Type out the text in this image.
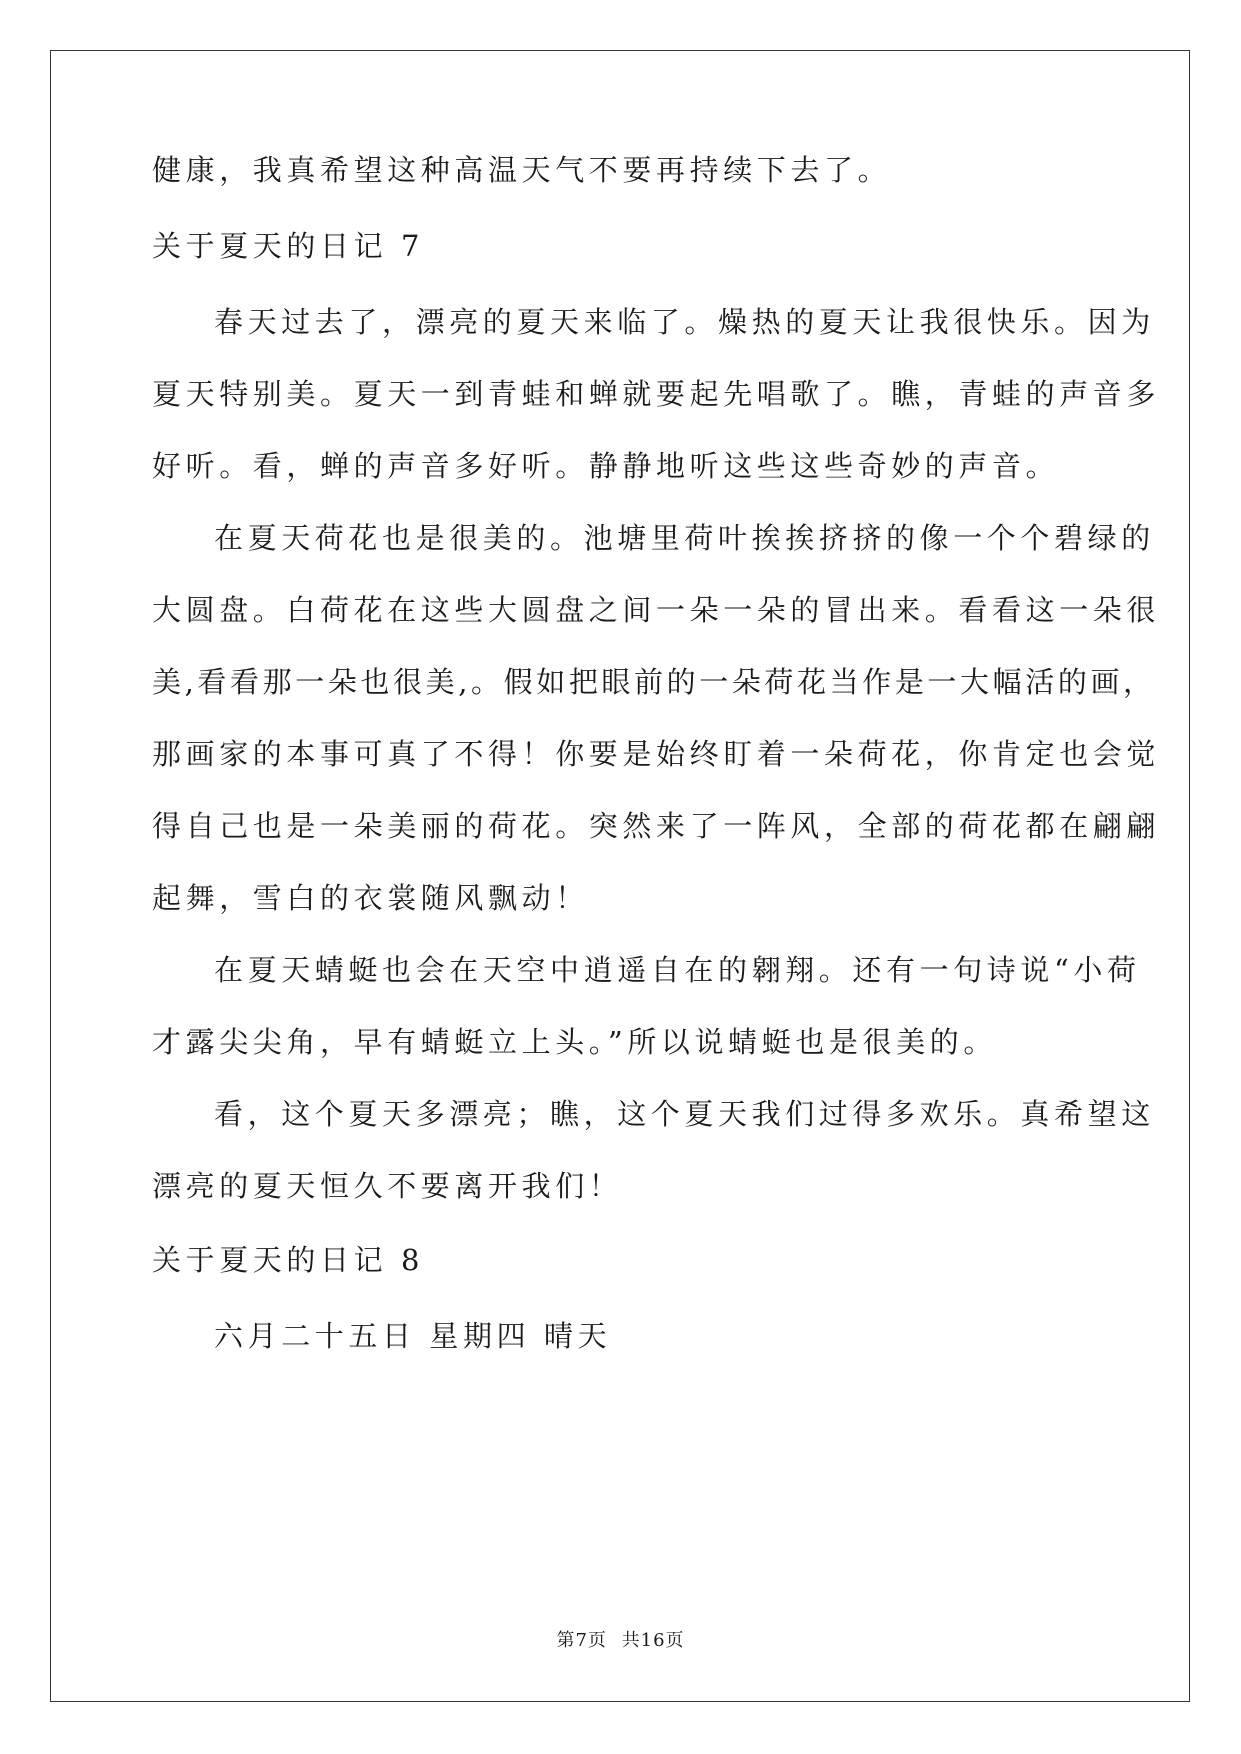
健康，我真希望这种高温天气不要再持续下去了。
关于夏天的日记 7
春天过去了，漂亮的夏天来临了。燥热的夏天让我很快乐。因为
夏天特别美。夏天一到青蛙和蝉就要起先唱歌了。瞧，青蛙的声音多
好听。看，蝉的声音多好听。静静地听这些这些奇妙的声音。
在夏天荷花也是很美的。池塘里荷叶挨挨挤挤的像一个个碧绿的
大圆盘。白荷花在这些大圆盘之间一朵一朵的冒出来。看看这一朵很
美,看看那一朵也很美,。假如把眼前的一朵荷花当作是一大幅活的画，
那画家的本事可真了不得！你要是始终盯着一朵荷花，你肯定也会觉
得自己也是一朵美丽的荷花。突然来了一阵风，全部的荷花都在翩翩
起舞，雪白的衣裳随风飘动！
在夏天蜻蜓也会在天空中逍遥自在的翱翔。还有一句诗说“小荷
才露尖尖角，早有蜻蜓立上头。”所以说蜻蜓也是很美的。
看，这个夏天多漂亮；瞧，这个夏天我们过得多欢乐。真希望这
漂亮的夏天恒久不要离开我们！
关于夏天的日记 8
六月二十五日 星期四 晴天
第7页 共16页
